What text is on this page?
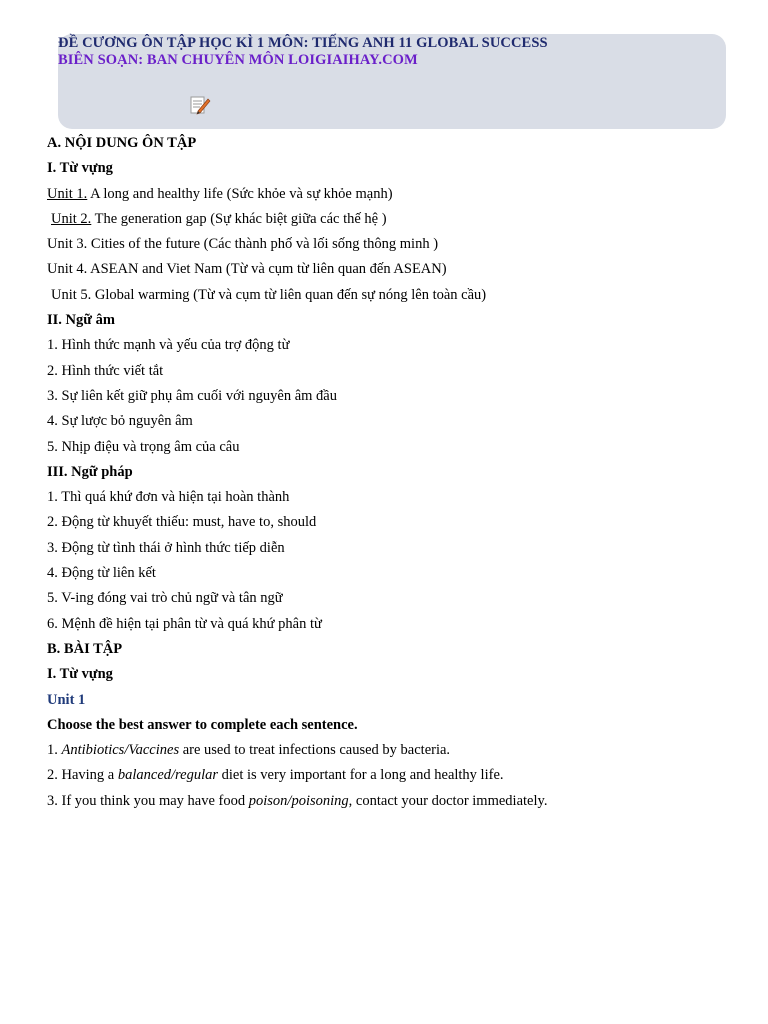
ĐỀ CƯƠNG ÔN TẬP HỌC KÌ 1 MÔN: TIẾNG ANH 11 GLOBAL SUCCESS
BIÊN SOẠN: BAN CHUYÊN MÔN LOIGIAIHAY.COM
A. NỘI DUNG ÔN TẬP
I. Từ vựng
Unit 1. A long and healthy life (Sức khỏe và sự khỏe mạnh)
Unit 2. The generation gap (Sự khác biệt giữa các thế hệ )
Unit 3. Cities of the future (Các thành phố và lối sống thông minh )
Unit 4. ASEAN and Viet Nam (Từ và cụm từ liên quan đến ASEAN)
Unit 5. Global warming (Từ và cụm từ liên quan đến sự nóng lên toàn cầu)
II. Ngữ âm
1. Hình thức mạnh và yếu của trợ động từ
2. Hình thức viết tắt
3. Sự liên kết giữ phụ âm cuối với nguyên âm đầu
4. Sự lược bỏ nguyên âm
5. Nhịp điệu và trọng âm của câu
III. Ngữ pháp
1. Thì quá khứ đơn và hiện tại hoàn thành
2. Động từ khuyết thiếu: must, have to, should
3. Động từ tình thái ở hình thức tiếp diễn
4. Động từ liên kết
5. V-ing đóng vai trò chủ ngữ và tân ngữ
6. Mệnh đề hiện tại phân từ và quá khứ phân từ
B. BÀI TẬP
I. Từ vựng
Unit 1
Choose the best answer to complete each sentence.
1. Antibiotics/Vaccines are used to treat infections caused by bacteria.
2. Having a balanced/regular diet is very important for a long and healthy life.
3. If you think you may have food poison/poisoning, contact your doctor immediately.
